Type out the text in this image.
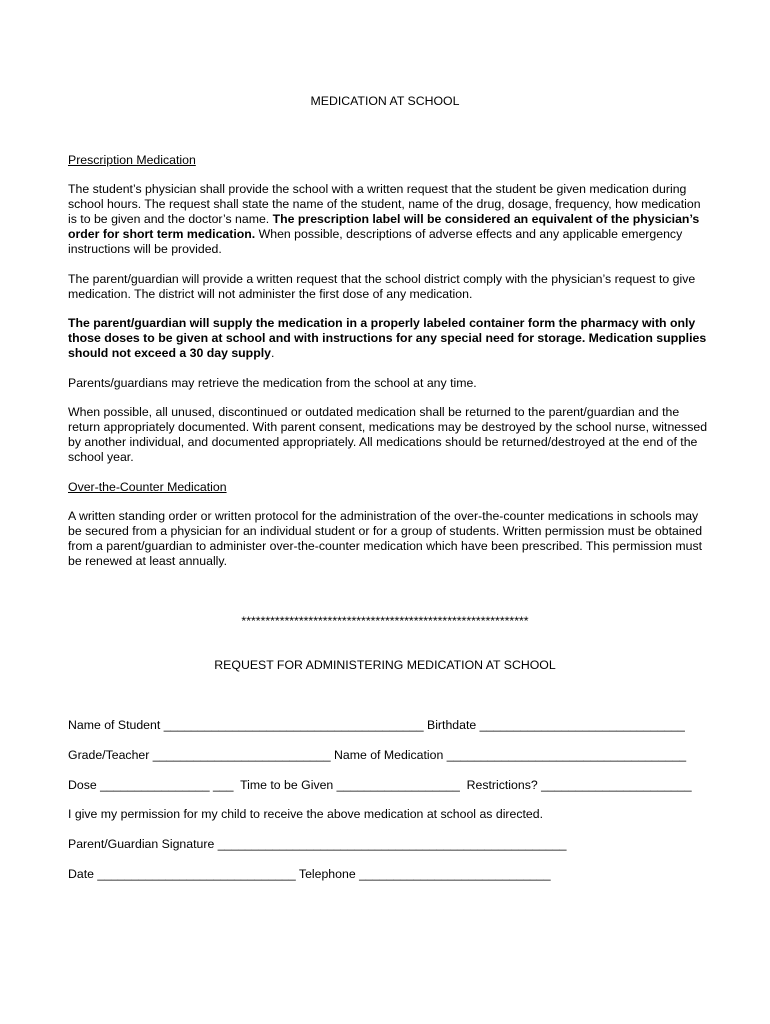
MEDICATION AT SCHOOL
Prescription Medication
The student’s physician shall provide the school with a written request that the student be given medication during school hours. The request shall state the name of the student, name of the drug, dosage, frequency, how medication is to be given and the doctor’s name. The prescription label will be considered an equivalent of the physician’s order for short term medication. When possible, descriptions of adverse effects and any applicable emergency instructions will be provided.
The parent/guardian will provide a written request that the school district comply with the physician’s request to give medication. The district will not administer the first dose of any medication.
The parent/guardian will supply the medication in a properly labeled container form the pharmacy with only those doses to be given at school and with instructions for any special need for storage. Medication supplies should not exceed a 30 day supply.
Parents/guardians may retrieve the medication from the school at any time.
When possible, all unused, discontinued or outdated medication shall be returned to the parent/guardian and the return appropriately documented. With parent consent, medications may be destroyed by the school nurse, witnessed by another individual, and documented appropriately. All medications should be returned/destroyed at the end of the school year.
Over-the-Counter Medication
A written standing order or written protocol for the administration of the over-the-counter medications in schools may be secured from a physician for an individual student or for a group of students. Written permission must be obtained from a parent/guardian to administer over-the-counter medication which have been prescribed. This permission must be renewed at least annually.
************************************************************
REQUEST FOR ADMINISTERING MEDICATION AT SCHOOL
Name of Student ______________________________________ Birthdate ______________________________
Grade/Teacher __________________________ Name of Medication ___________________________________
Dose ________________ ___  Time to be Given __________________  Restrictions? ______________________
I give my permission for my child to receive the above medication at school as directed.
Parent/Guardian Signature ___________________________________________________
Date _____________________________ Telephone ____________________________
